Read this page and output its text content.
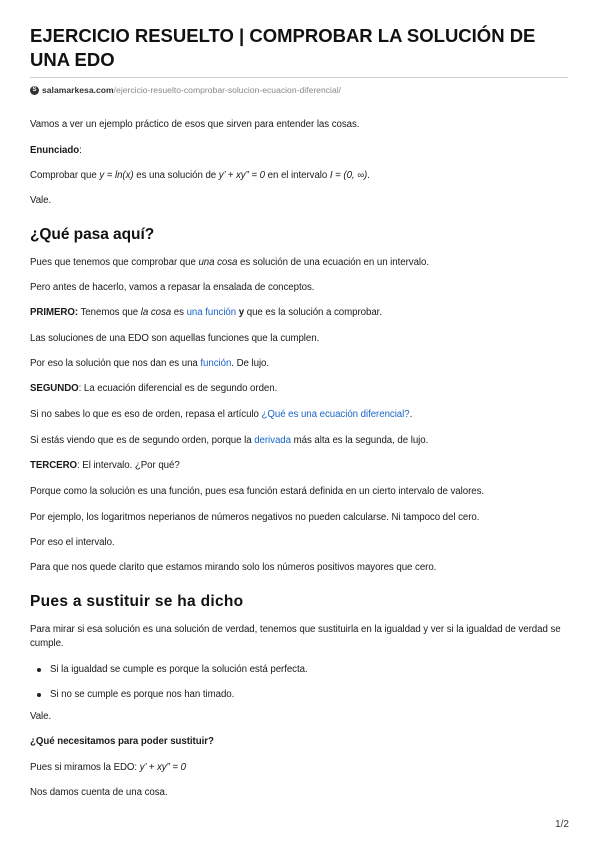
EJERCICIO RESUELTO | COMPROBAR LA SOLUCIÓN DE UNA EDO
S salamarkesa.com /ejercicio-resuelto-comprobar-solucion-ecuacion-diferencial/

Vamos a ver un ejemplo práctico de esos que sirven para entender las cosas.

Enunciado:

Comprobar que y = ln(x) es una solución de y’ + xy” = 0 en el intervalo I = (0, ∞).

Vale.

¿Qué pasa aquí?

Pues que tenemos que comprobar que una cosa es solución de una ecuación en un intervalo.

Pero antes de hacerlo, vamos a repasar la ensalada de conceptos.

PRIMERO: Tenemos que la cosa es una función y que es la solución a comprobar.

Las soluciones de una EDO son aquellas funciones que la cumplen.

Por eso la solución que nos dan es una función. De lujo.

SEGUNDO: La ecuación diferencial es de segundo orden.

Si no sabes lo que es eso de orden, repasa el artículo ¿Qué es una ecuación diferencial?.

Si estás viendo que es de segundo orden, porque la derivada más alta es la segunda, de lujo.

TERCERO: El intervalo. ¿Por qué?

Porque como la solución es una función, pues esa función estará definida en un cierto intervalo de valores.

Por ejemplo, los logaritmos neperianos de números negativos no pueden calcularse. Ni tampoco del cero.

Por eso el intervalo.

Para que nos quede clarito que estamos mirando solo los números positivos mayores que cero.

Pues a sustituir se ha dicho

Para mirar si esa solución es una solución de verdad, tenemos que sustituirla en la igualdad y ver si la igualdad de verdad se cumple.

Si la igualdad se cumple es porque la solución está perfecta.
Si no se cumple es porque nos han timado.

Vale.

¿Qué necesitamos para poder sustituir?

Pues si miramos la EDO: y’ + xy” = 0

Nos damos cuenta de una cosa.

1/2
